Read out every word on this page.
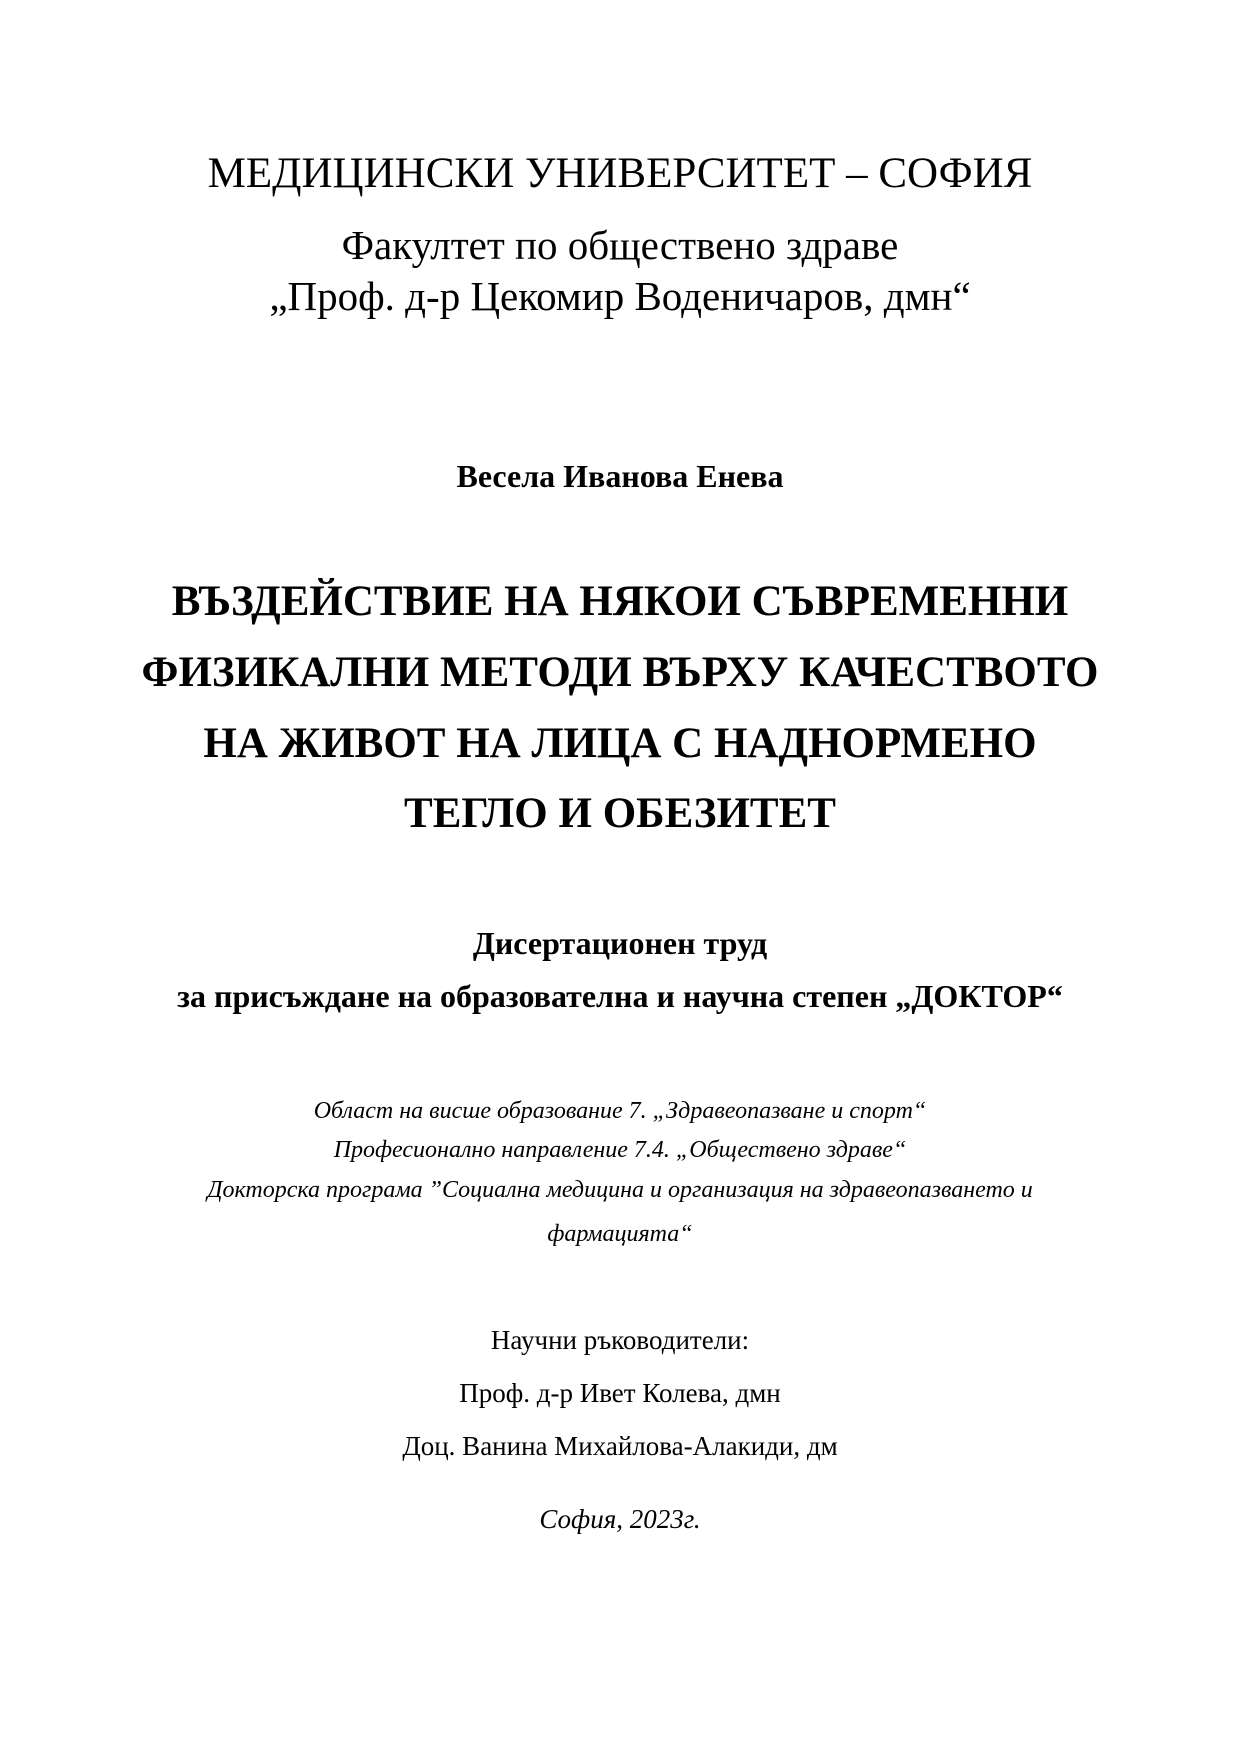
МЕДИЦИНСКИ УНИВЕРСИТЕТ – СОФИЯ
Факултет по обществено здраве
„Проф. д-р Цекомир Воденичаров, дмн“
Весела Иванова Енева
ВЪЗДЕЙСТВИЕ НА НЯКОИ СЪВРЕМЕННИ
ФИЗИКАЛНИ МЕТОДИ ВЪРХУ КАЧЕСТВОТО
НА ЖИВОТ НА ЛИЦА С НАДНОРМЕНО
ТЕГЛО И ОБЕЗИТЕТ
Дисертационен труд
за присъждане на образователна и научна степен „ДОКТОР“
Област на висше образование 7. „Здравеопазване и спорт“
Професионално направление 7.4. „Обществено здраве“
Докторска програма ”Социална медицина и организация на здравеопазването и
фармацията“
Научни ръководители:
Проф. д-р Ивет Колева, дмн
Доц. Ванина Михайлова-Алакиди, дм
София, 2023г.
